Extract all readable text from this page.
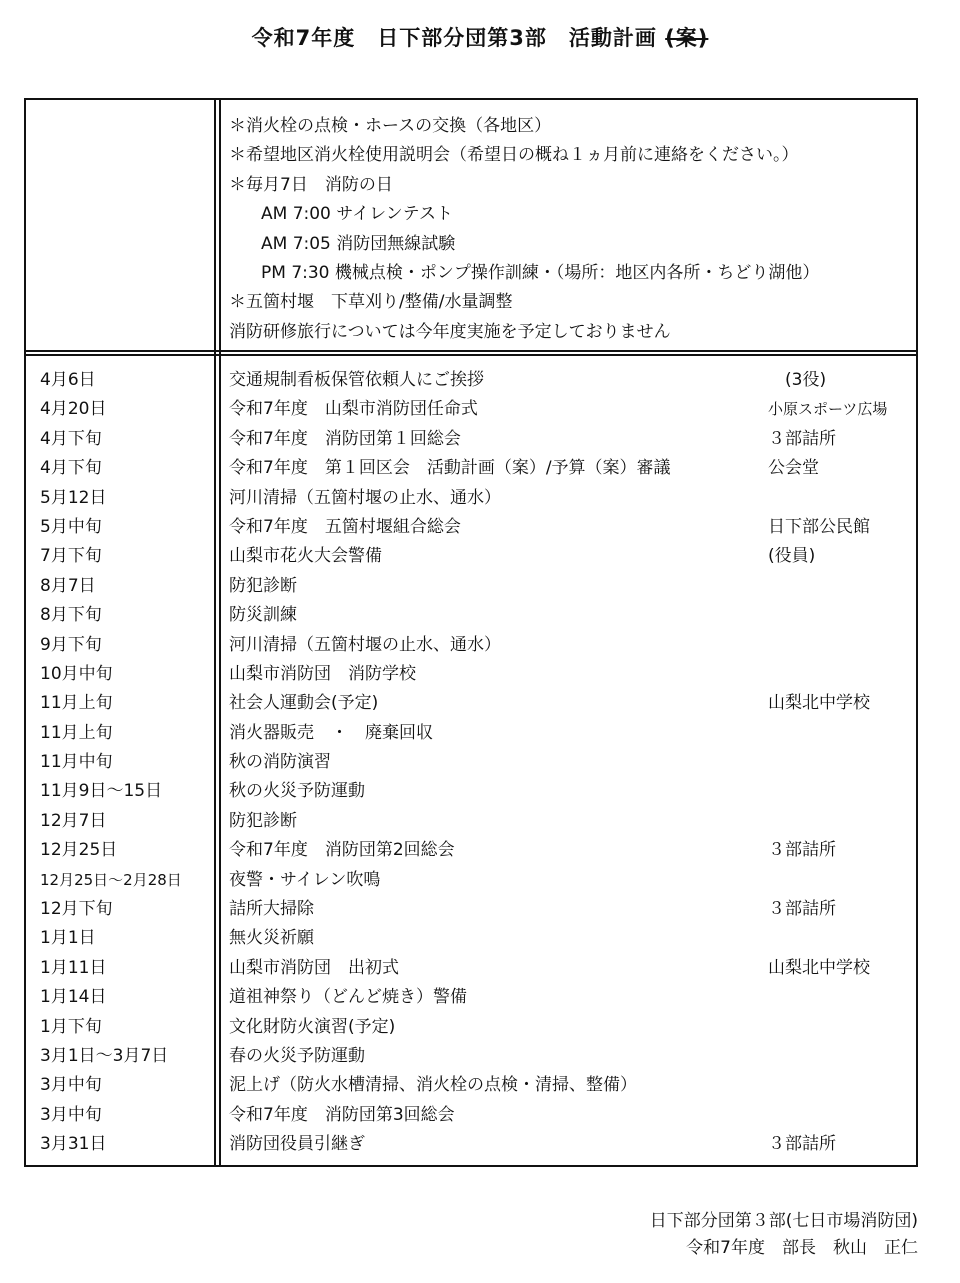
令和7年度　日下部分団第3部　活動計画 (案)
＊消火栓の点検・ホースの交換（各地区）
＊希望地区消火栓使用説明会（希望日の概ね１ヵ月前に連絡をください。）
＊毎月7日　消防の日
AM 7:00 サイレンテスト
AM 7:05 消防団無線試験
PM 7:30 機械点検・ポンプ操作訓練・（場所：地区内各所・ちどり湖他）
＊五箇村堰　下草刈り/整備/水量調整
消防研修旅行については今年度実施を予定しておりません
4月6日	交通規制看板保管依頼人にご挨拶	　(3役)
4月20日	令和7年度　山梨市消防団任命式	小原スポーツ広場
4月下旬	令和7年度　消防団第１回総会	３部詰所
4月下旬	令和7年度　第１回区会　活動計画（案）/予算（案）審議	公会堂
5月12日	河川清掃（五箇村堰の止水、通水）
5月中旬	令和7年度　五箇村堰組合総会	日下部公民館
7月下旬	山梨市花火大会警備	(役員)
8月7日	防犯診断
8月下旬	防災訓練
9月下旬	河川清掃（五箇村堰の止水、通水）
10月中旬	山梨市消防団　消防学校
11月上旬	社会人運動会(予定)	山梨北中学校
11月上旬	消火器販売　・　廃棄回収
11月中旬	秋の消防演習
11月9日～15日	秋の火災予防運動
12月7日	防犯診断
12月25日	令和7年度　消防団第2回総会	３部詰所
12月25日～2月28日	夜警・サイレン吹鳴
12月下旬	詰所大掃除	３部詰所
1月1日	無火災祈願
1月11日	山梨市消防団　出初式	山梨北中学校
1月14日	道祖神祭り（どんど焼き）警備
1月下旬	文化財防火演習(予定)
3月1日～3月7日	春の火災予防運動
3月中旬	泥上げ（防火水槽清掃、消火栓の点検・清掃、整備）
3月中旬	令和7年度　消防団第3回総会
3月31日	消防団役員引継ぎ	３部詰所
日下部分団第３部(七日市場消防団)
令和7年度　部長　秋山　正仁
